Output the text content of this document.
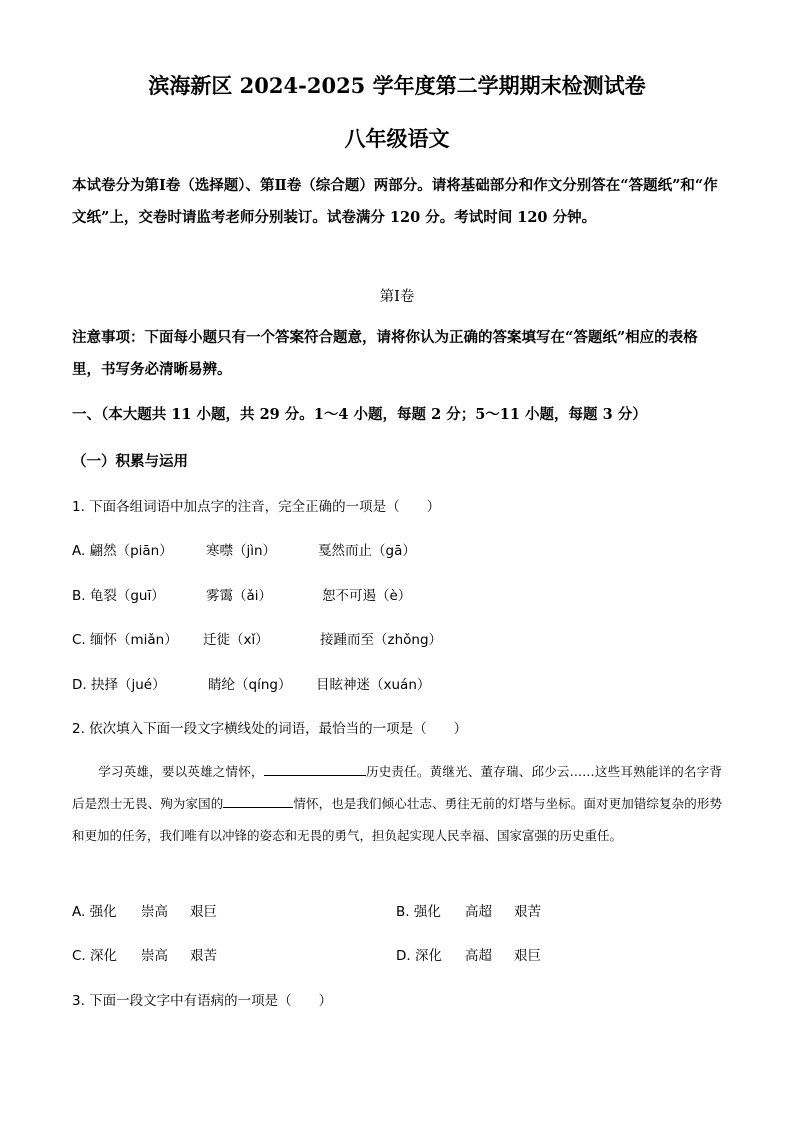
滨海新区 2024-2025 学年度第二学期期末检测试卷
八年级语文
本试卷分为第Ⅰ卷（选择题）、第Ⅱ卷（综合题）两部分。请将基础部分和作文分别答在“答题纸”和“作文纸”上，交卷时请监考老师分别装订。试卷满分 120 分。考试时间 120 分钟。
第Ⅰ卷
注意事项：下面每小题只有一个答案符合题意，请将你认为正确的答案填写在“答题纸”相应的表格里，书写务必清晰易辨。
一、（本大题共 11 小题，共 29 分。1～4 小题，每题 2 分；5～11 小题，每题 3 分）
（一）积累与运用
1. 下面各组词语中加点字的注音，完全正确的一项是（　　）
A. 翩然（piān） 寒噤（jìn）	戛然而止（gā）
B. 龟裂（guī）	雾霭（ǎi）	恕不可遏（è）
C. 缅怀（miǎn） 迁徙（xǐ）	接踵而至（zhǒng）
D. 抉择（jué）	睛纶（qíng） 目眩神迷（xuán）
2. 依次填入下面一段文字横线处的词语，最恰当的一项是（　　）
学习英雄，要以英雄之情怀，	历史责任。黄继光、董存瑞、邱少云……这些耳熟能详的名字背后是烈士无畏、殉为家国的	情怀，也是我们倾心壮志、勇往无前的灯塔与坐标。面对更加错综复杂的形势和更加的任务，我们唯有以冲锋的姿态和无畏的勇气，担负起实现人民幸福、国家富强的历史重任。
A. 强化 崇高 艰巨	B. 强化 高超 艰苦
C. 深化 崇高 艰苦	D. 深化 高超 艰巨
3. 下面一段文字中有语病的一项是（　　）
